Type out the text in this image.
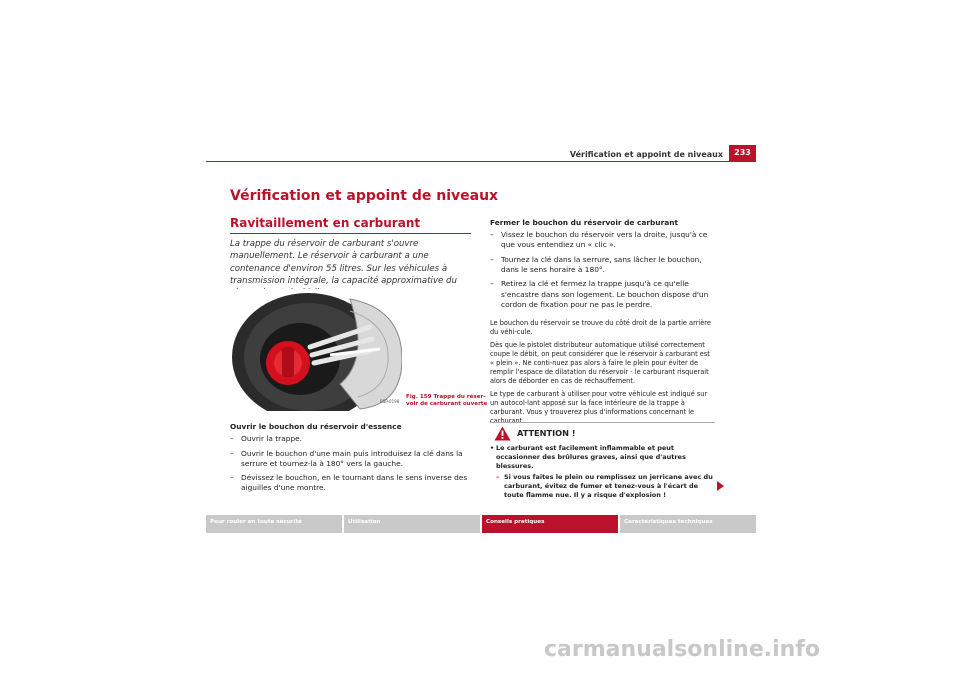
Vérification et appoint de niveaux	233
Vérification et appoint de niveaux
Ravitaillement en carburant
La trappe du réservoir de carburant s'ouvre manuellement. Le réservoir à carburant a une contenance d'environ 55 litres. Sur les véhicules à transmission intégrale, la capacité approximative du
B5P-0198
Fig. 159 Trappe du réser-
voir de carburant ouverte
Ouvrir le bouchon du réservoir d'essence
– Ouvrir la trappe.
– Ouvrir le bouchon d'une main puis introduisez la clé dans la serrure et tournez-la à 180° vers la gauche.
– Dévissez le bouchon, en le tournant dans le sens inverse des aiguilles d'une montre.
Fermer le bouchon du réservoir de carburant
– Vissez le bouchon du réservoir vers la droite, jusqu'à ce que vous entendiez un « clic ».
– Tournez la clé dans la serrure, sans lâcher le bouchon, dans le sens horaire à 180°.
– Retirez la clé et fermez la trappe jusqu'à ce qu'elle s'encastre dans son logement. Le bouchon dispose d'un cordon de fixation pour ne pas le perdre.
Le bouchon du réservoir se trouve du côté droit de la partie arrière du véhi-cule.
Dès que le pistolet distributeur automatique utilisé correctement coupe le débit, on peut considérer que le réservoir à carburant est « plein ». Ne conti-nuez pas alors à faire le plein pour éviter de remplir l'espace de dilatation du réservoir - le carburant risquerait alors de déborder en cas de réchauffement.
Le type de carburant à utiliser pour votre véhicule est indiqué sur un autocol-lant apposé sur la face intérieure de la trappe à carburant. Vous y trouverez plus d'informations concernant le
ATTENTION !
• Le carburant est facilement inflammable et peut occasionner des brûlures graves, ainsi que d'autres blessures.
– Si vous faites le plein ou remplissez un jerricane avec du carburant, évitez de fumer et tenez-vous à l'écart de toute flamme nue. Il y a risque d'explosion !
Pour rouler en toute sécurité	Utilisation	Conseils pratiques	Caractéristiques techniques
carmanualsonline.info
